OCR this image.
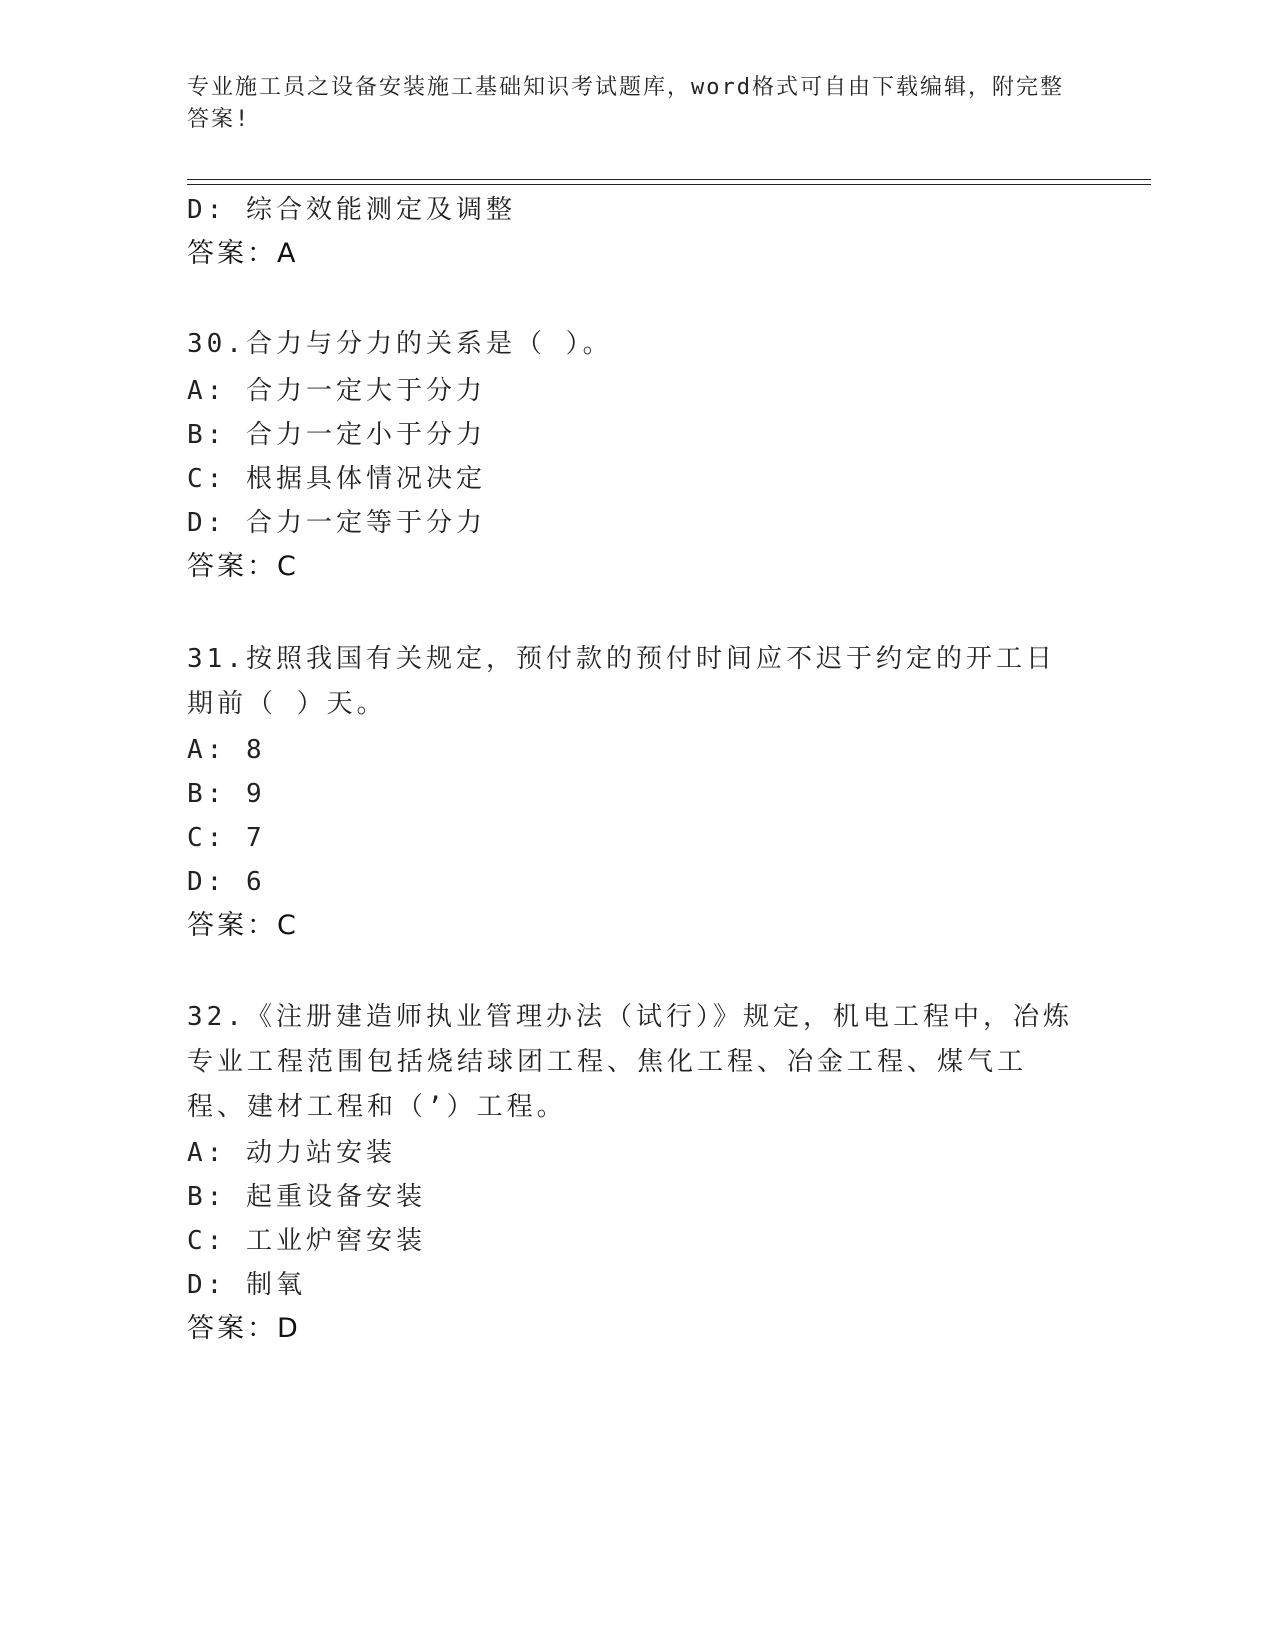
专业施工员之设备安装施工基础知识考试题库，word格式可自由下载编辑，附完整答案!
D: 综合效能测定及调整
答案：A
30.合力与分力的关系是（ ）。
A: 合力一定大于分力
B: 合力一定小于分力
C: 根据具体情况决定
D: 合力一定等于分力
答案：C
31.按照我国有关规定，预付款的预付时间应不迟于约定的开工日期前（ ）天。
A: 8
B: 9
C: 7
D: 6
答案：C
32.《注册建造师执业管理办法（试行）》规定，机电工程中，冶炼专业工程范围包括烧结球团工程、焦化工程、冶金工程、煤气工程、建材工程和（’）工程。
A: 动力站安装
B: 起重设备安装
C: 工业炉窖安装
D: 制氧
答案：D
